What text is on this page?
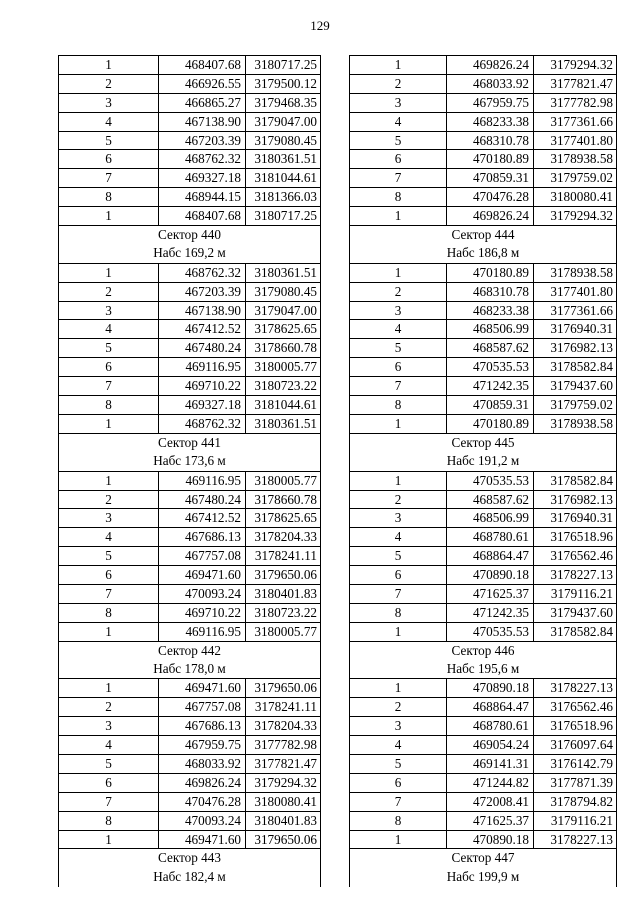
129
1	468407.68	3180717.25
2	466926.55	3179500.12
3	466865.27	3179468.35
4	467138.90	3179047.00
5	467203.39	3179080.45
6	468762.32	3180361.51
7	469327.18	3181044.61
8	468944.15	3181366.03
1	468407.68	3180717.25
Сектор 440
Набс 169,2 м
1	468762.32	3180361.51
2	467203.39	3179080.45
3	467138.90	3179047.00
4	467412.52	3178625.65
5	467480.24	3178660.78
6	469116.95	3180005.77
7	469710.22	3180723.22
8	469327.18	3181044.61
1	468762.32	3180361.51
Сектор 441
Набс 173,6 м
1	469116.95	3180005.77
2	467480.24	3178660.78
3	467412.52	3178625.65
4	467686.13	3178204.33
5	467757.08	3178241.11
6	469471.60	3179650.06
7	470093.24	3180401.83
8	469710.22	3180723.22
1	469116.95	3180005.77
Сектор 442
Набс 178,0 м
1	469471.60	3179650.06
2	467757.08	3178241.11
3	467686.13	3178204.33
4	467959.75	3177782.98
5	468033.92	3177821.47
6	469826.24	3179294.32
7	470476.28	3180080.41
8	470093.24	3180401.83
1	469471.60	3179650.06
Сектор 443
Набс 182,4 м
1	469826.24	3179294.32
2	468033.92	3177821.47
3	467959.75	3177782.98
4	468233.38	3177361.66
5	468310.78	3177401.80
6	470180.89	3178938.58
7	470859.31	3179759.02
8	470476.28	3180080.41
1	469826.24	3179294.32
Сектор 444
Набс 186,8 м
1	470180.89	3178938.58
2	468310.78	3177401.80
3	468233.38	3177361.66
4	468506.99	3176940.31
5	468587.62	3176982.13
6	470535.53	3178582.84
7	471242.35	3179437.60
8	470859.31	3179759.02
1	470180.89	3178938.58
Сектор 445
Набс 191,2 м
1	470535.53	3178582.84
2	468587.62	3176982.13
3	468506.99	3176940.31
4	468780.61	3176518.96
5	468864.47	3176562.46
6	470890.18	3178227.13
7	471625.37	3179116.21
8	471242.35	3179437.60
1	470535.53	3178582.84
Сектор 446
Набс 195,6 м
1	470890.18	3178227.13
2	468864.47	3176562.46
3	468780.61	3176518.96
4	469054.24	3176097.64
5	469141.31	3176142.79
6	471244.82	3177871.39
7	472008.41	3178794.82
8	471625.37	3179116.21
1	470890.18	3178227.13
Сектор 447
Набс 199,9 м
